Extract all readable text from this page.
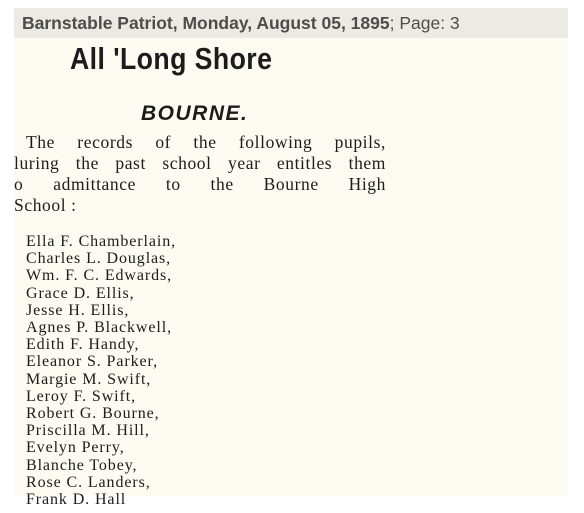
Barnstable Patriot, Monday, August 05, 1895; Page: 3
All 'Long Shore
BOURNE.
The records of the following pupils,
luring the past school year entitles them
o admittance to the Bourne High
School :
Ella F. Chamberlain,
Charles L. Douglas,
Wm. F. C. Edwards,
Grace D. Ellis,
Jesse H. Ellis,
Agnes P. Blackwell,
Edith F. Handy,
Eleanor S. Parker,
Margie M. Swift,
Leroy F. Swift,
Robert G. Bourne,
Priscilla M. Hill,
Evelyn Perry,
Blanche Tobey,
Rose C. Landers,
Frank D. Hall
